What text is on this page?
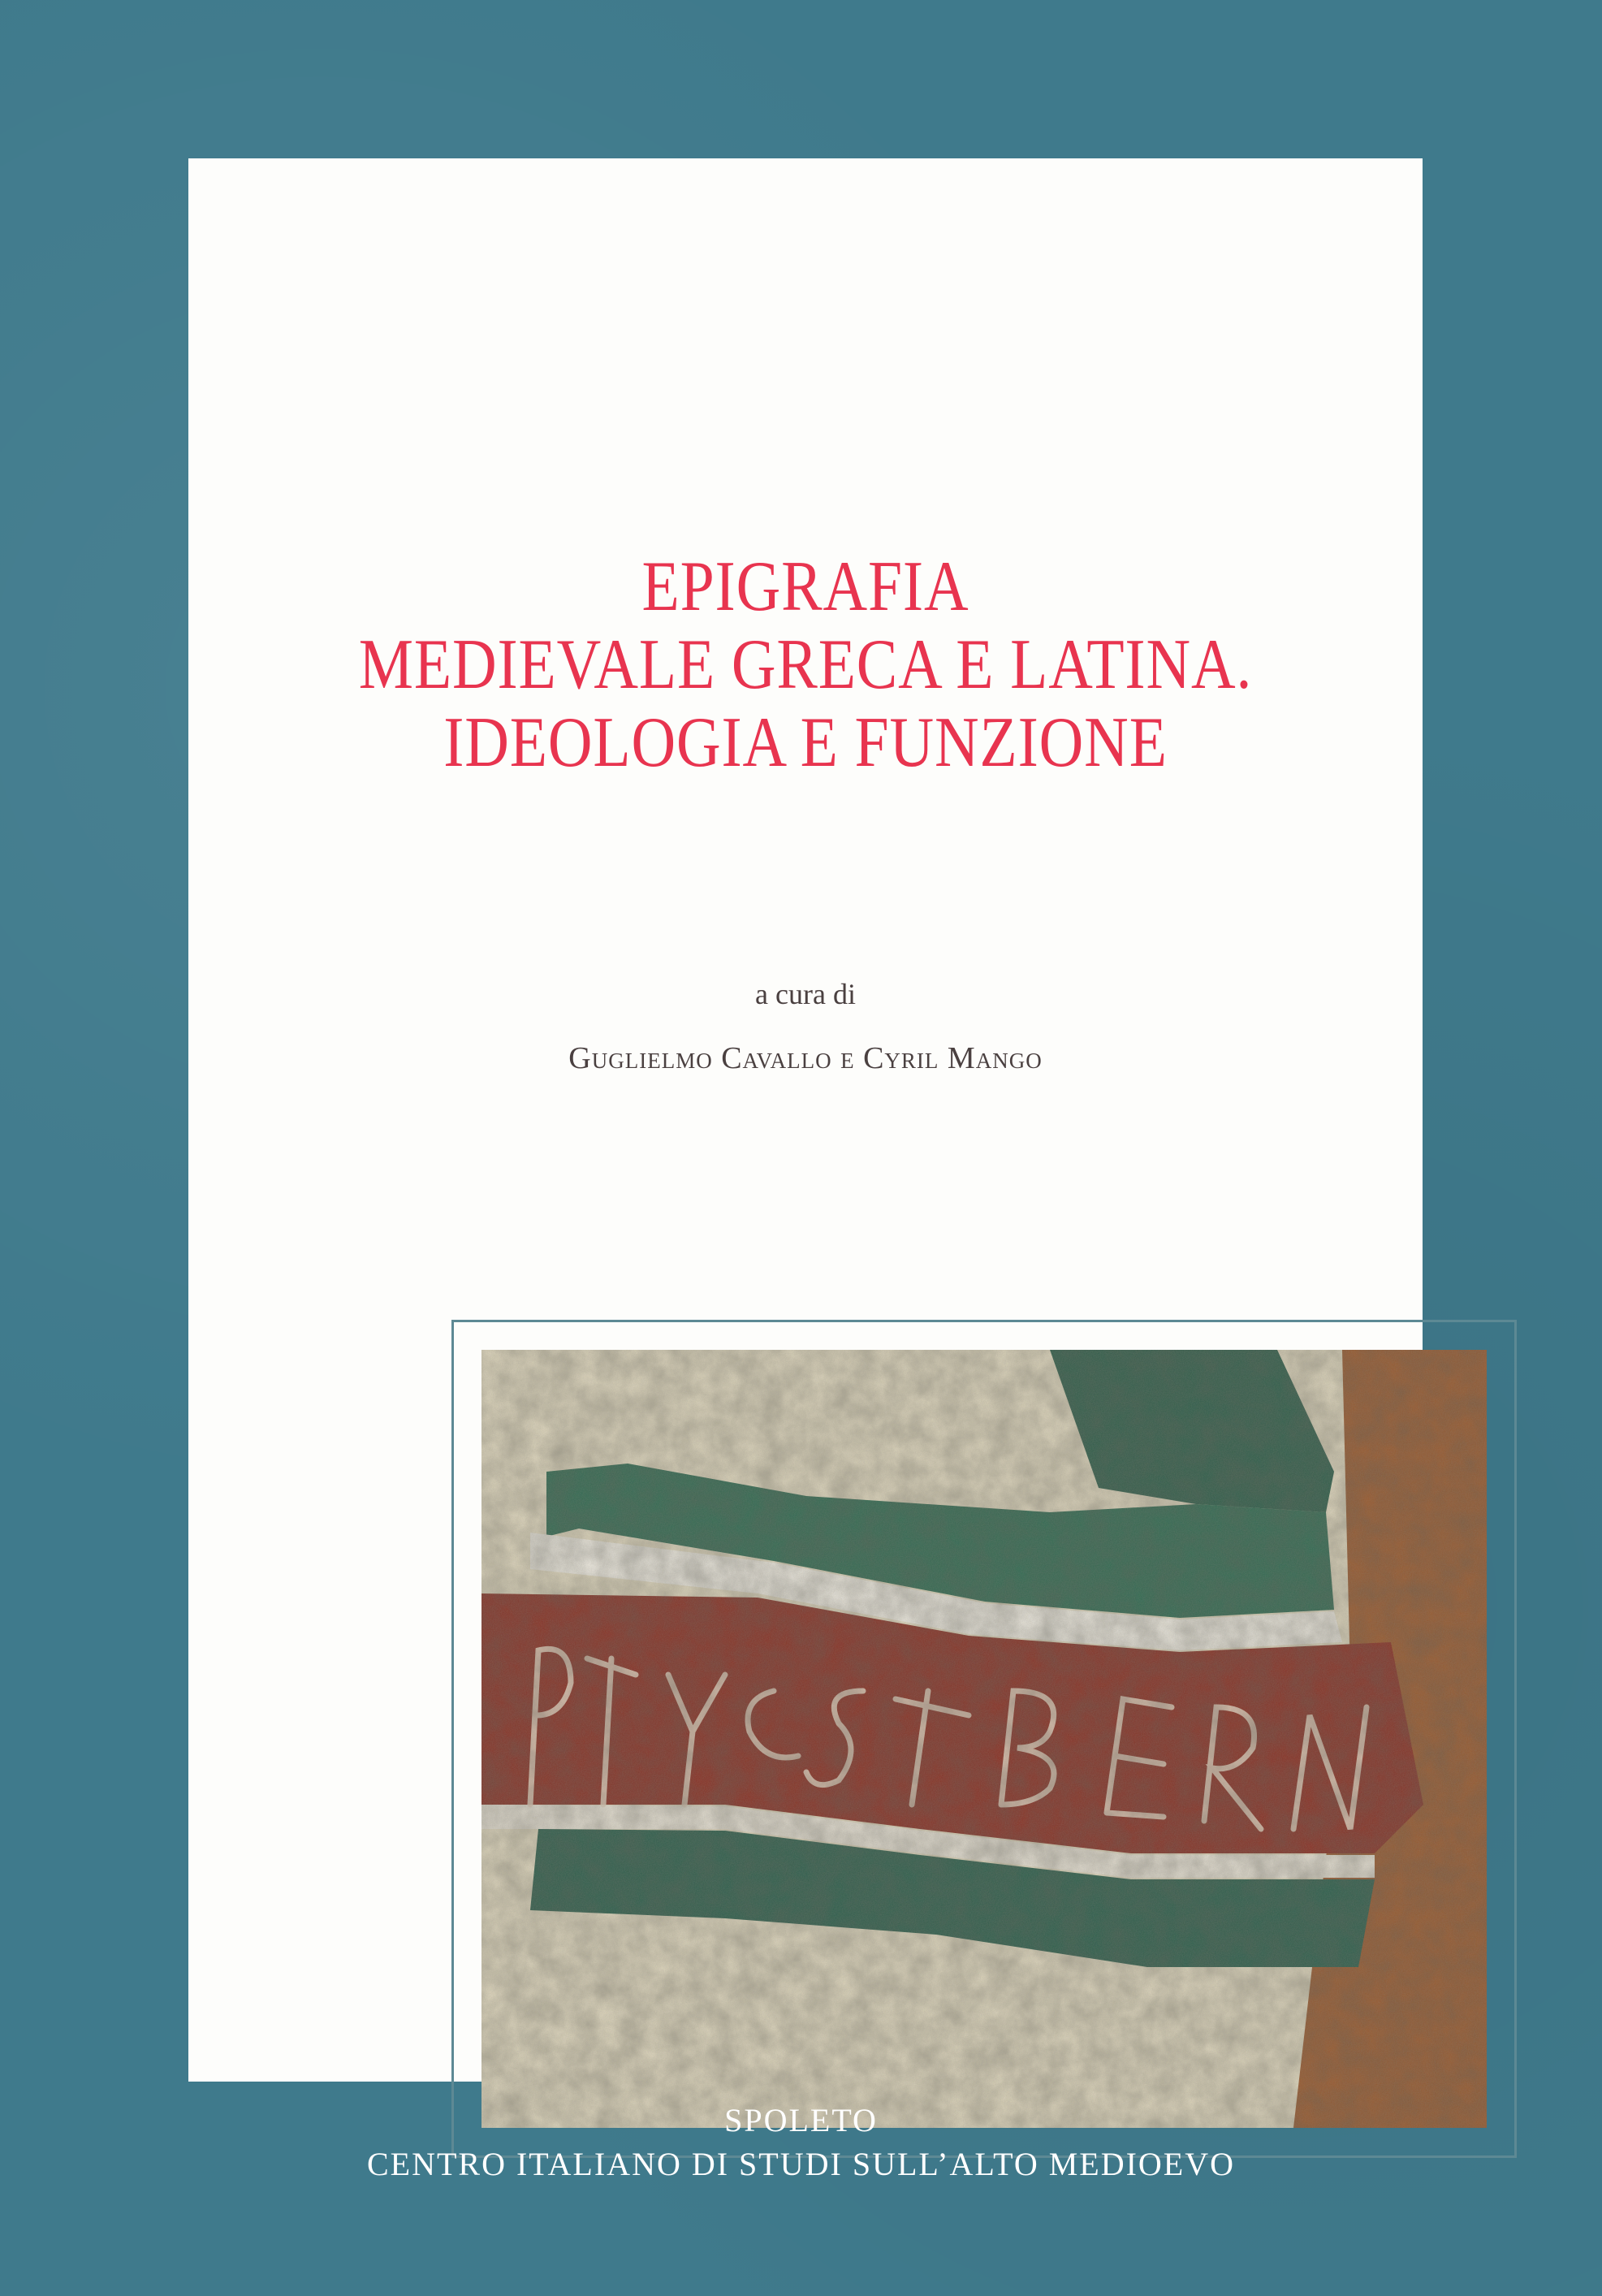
EPIGRAFIA
MEDIEVALE GRECA E LATINA.
IDEOLOGIA E FUNZIONE
a cura di
Guglielmo Cavallo e Cyril Mango
SPOLETO
CENTRO ITALIANO DI STUDI SULL’ALTO MEDIOEVO
